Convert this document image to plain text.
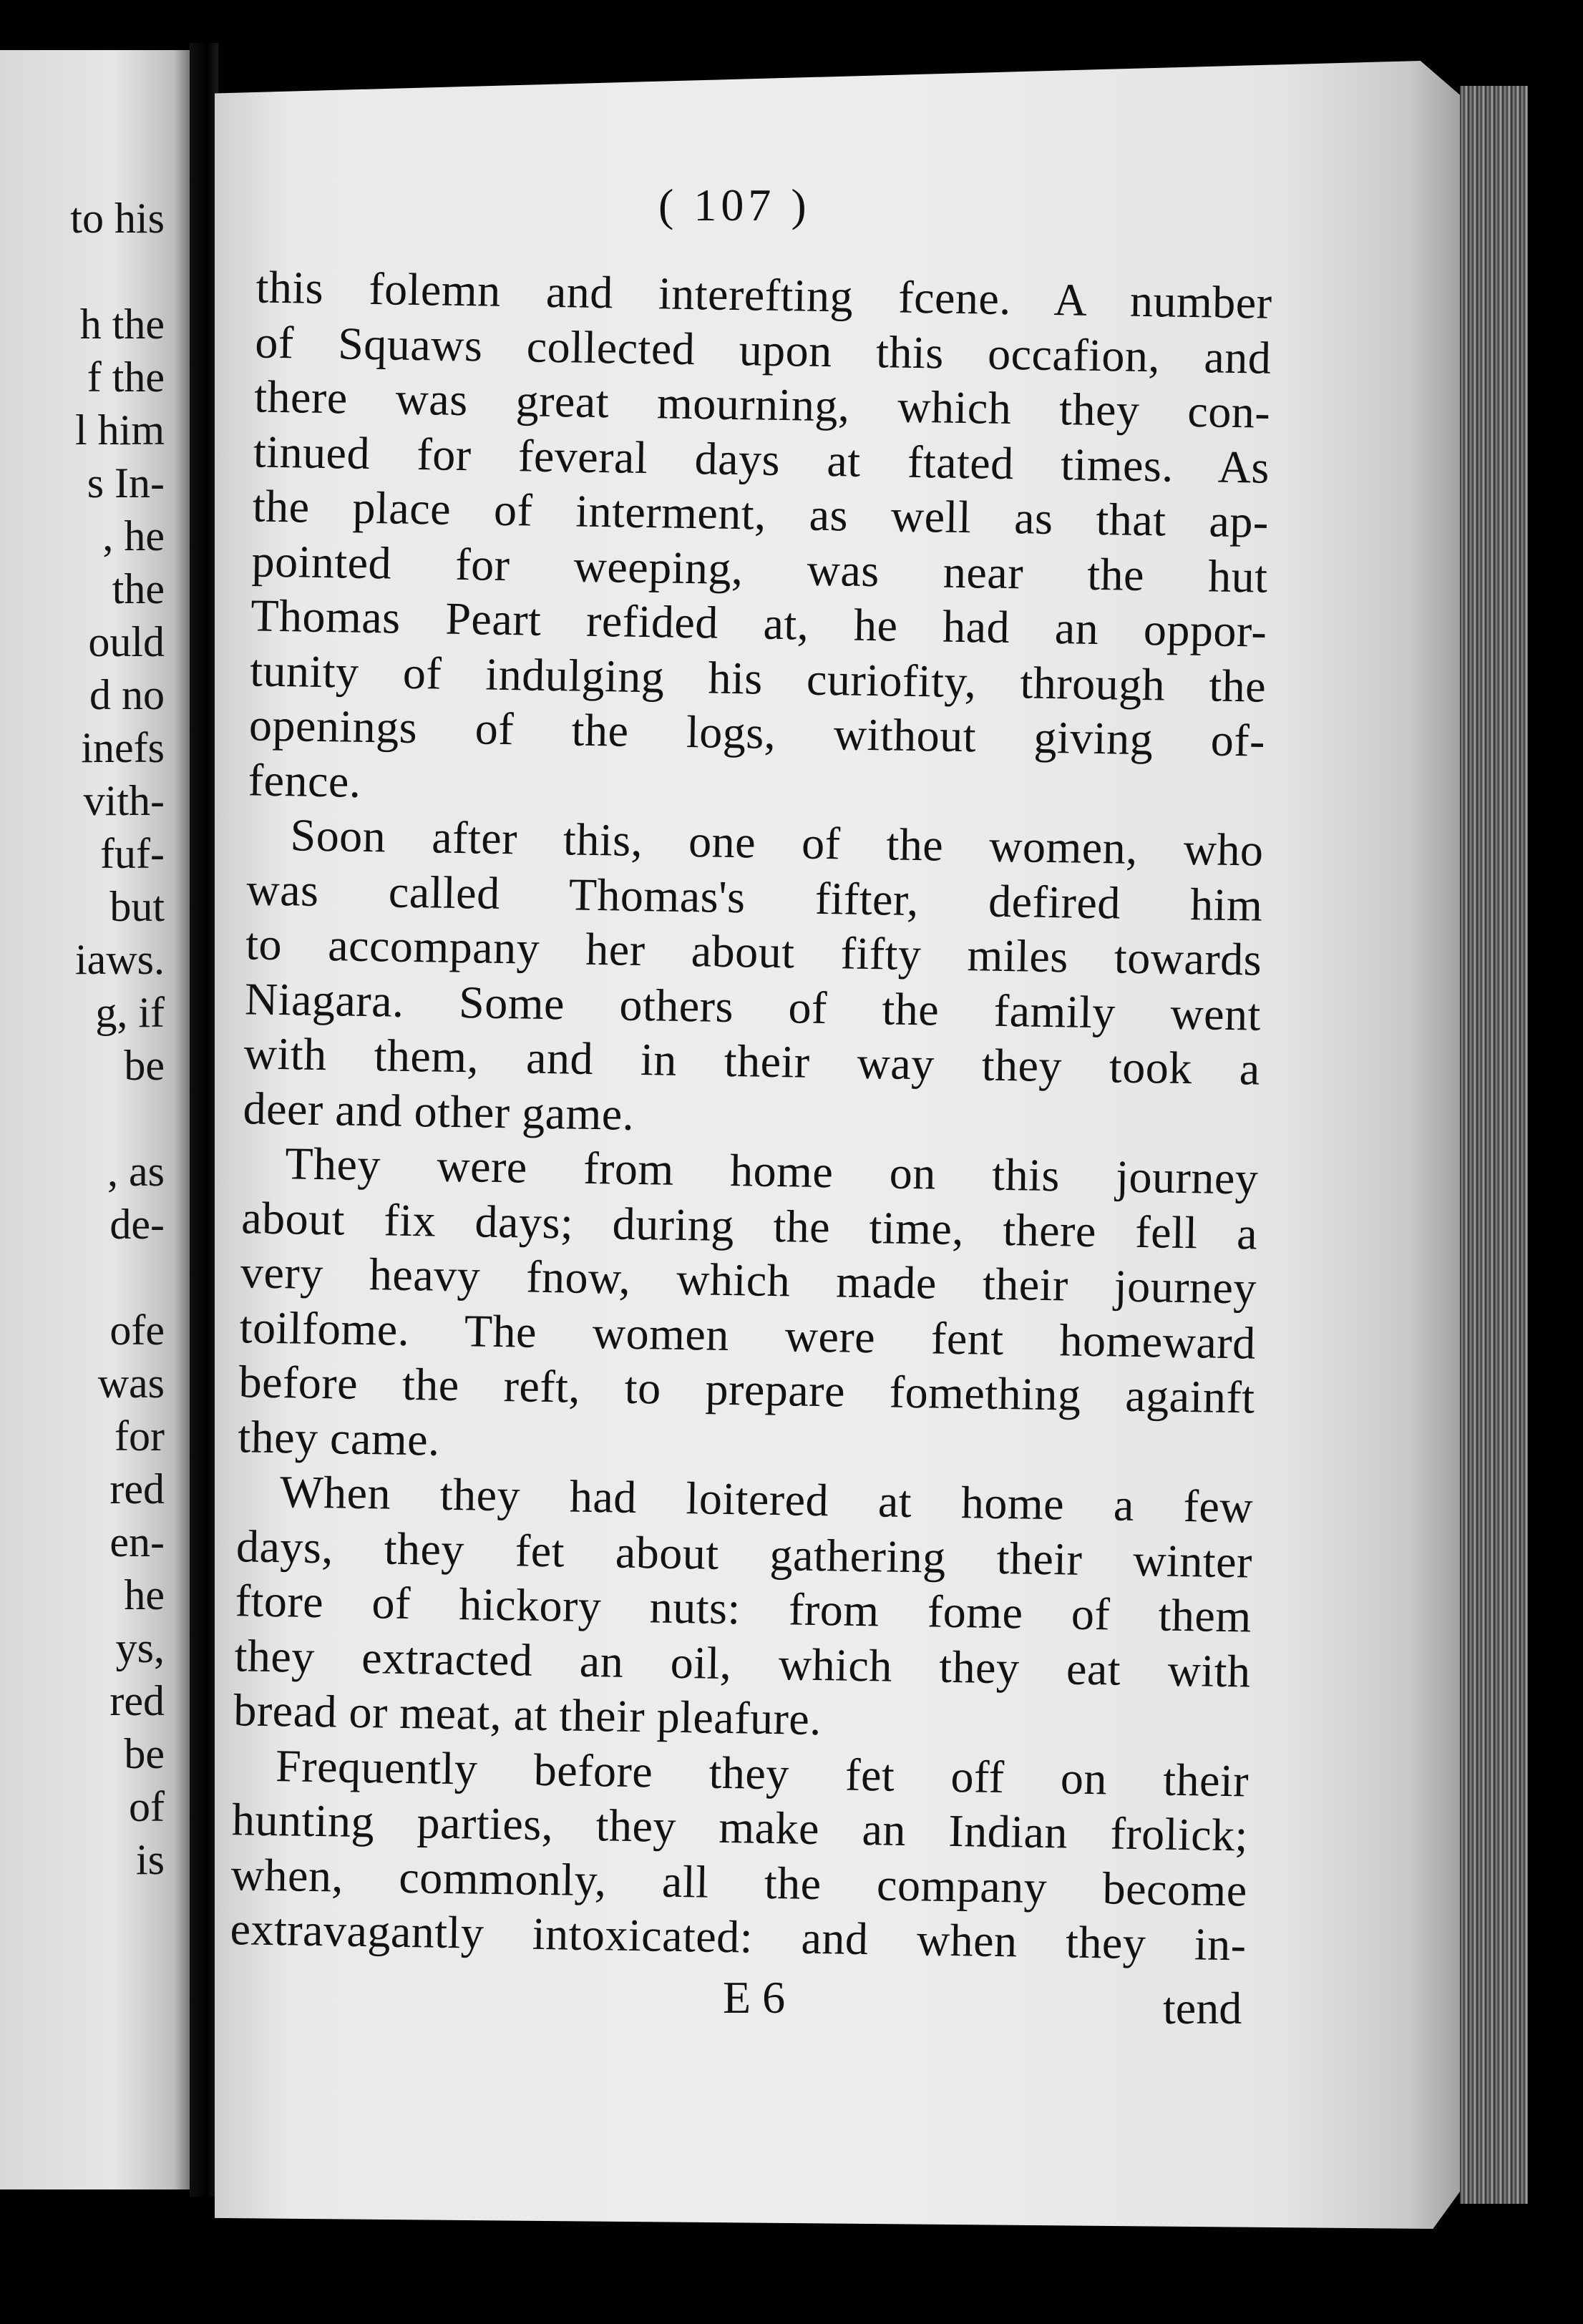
to his
h the
f the
l him
s In-
, he
the
ould
d no
inefs
vith-
fuf-
but
iaws.
g, if
be
, as
de-
ofe
was
for
red
en-
he
ys,
red
be
of
is
( 107 )
this folemn and interefting fcene. A number
of Squaws collected upon this occafion, and
there was great mourning, which they con-
tinued for feveral days at ftated times. As
the place of interment, as well as that ap-
pointed for weeping, was near the hut
Thomas Peart refided at, he had an oppor-
tunity of indulging his curiofity, through the
openings of the logs, without giving of-
fence.
Soon after this, one of the women, who
was called Thomas's fifter, defired him
to accompany her about fifty miles towards
Niagara. Some others of the family went
with them, and in their way they took a
deer and other game.
They were from home on this journey
about fix days; during the time, there fell a
very heavy fnow, which made their journey
toilfome. The women were fent homeward
before the reft, to prepare fomething againft
they came.
When they had loitered at home a few
days, they fet about gathering their winter
ftore of hickory nuts: from fome of them
they extracted an oil, which they eat with
bread or meat, at their pleafure.
Frequently before they fet off on their
hunting parties, they make an Indian frolick;
when, commonly, all the company become
extravagantly intoxicated: and when they in-
E 6	tend
